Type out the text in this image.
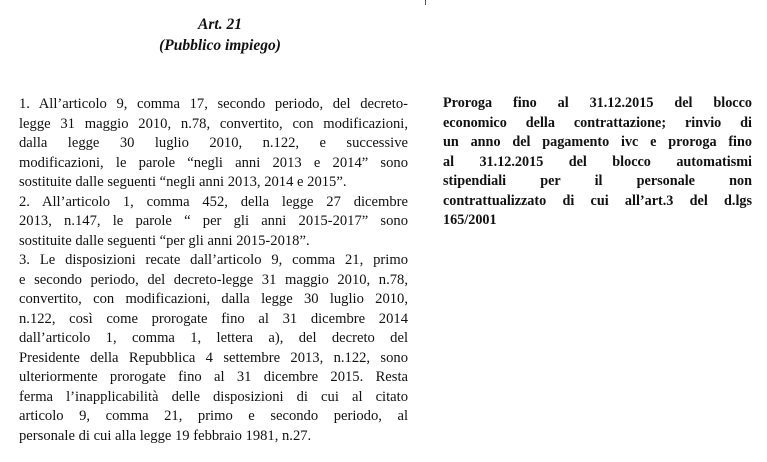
Art. 21
(Pubblico impiego)
1. All’articolo 9, comma 17, secondo periodo, del decreto-
legge 31 maggio 2010, n.78, convertito, con modificazioni,
dalla legge 30 luglio 2010, n.122, e successive
modificazioni, le parole “negli anni 2013 e 2014” sono
sostituite dalle seguenti “negli anni 2013, 2014 e 2015”.
2. All’articolo 1, comma 452, della legge 27 dicembre
2013, n.147, le parole “ per gli anni 2015-2017” sono
sostituite dalle seguenti “per gli anni 2015-2018”.
3. Le disposizioni recate dall’articolo 9, comma 21, primo
e secondo periodo, del decreto-legge 31 maggio 2010, n.78,
convertito, con modificazioni, dalla legge 30 luglio 2010,
n.122, così come prorogate fino al 31 dicembre 2014
dall’articolo 1, comma 1, lettera a), del decreto del
Presidente della Repubblica 4 settembre 2013, n.122, sono
ulteriormente prorogate fino al 31 dicembre 2015. Resta
ferma l’inapplicabilità delle disposizioni di cui al citato
articolo 9, comma 21, primo e secondo periodo, al
personale di cui alla legge 19 febbraio 1981, n.27.
Proroga fino al 31.12.2015 del blocco
economico della contrattazione; rinvio di
un anno del pagamento ivc e proroga fino
al 31.12.2015 del blocco automatismi
stipendiali per il personale non
contrattualizzato di cui all’art.3 del d.lgs
165/2001
